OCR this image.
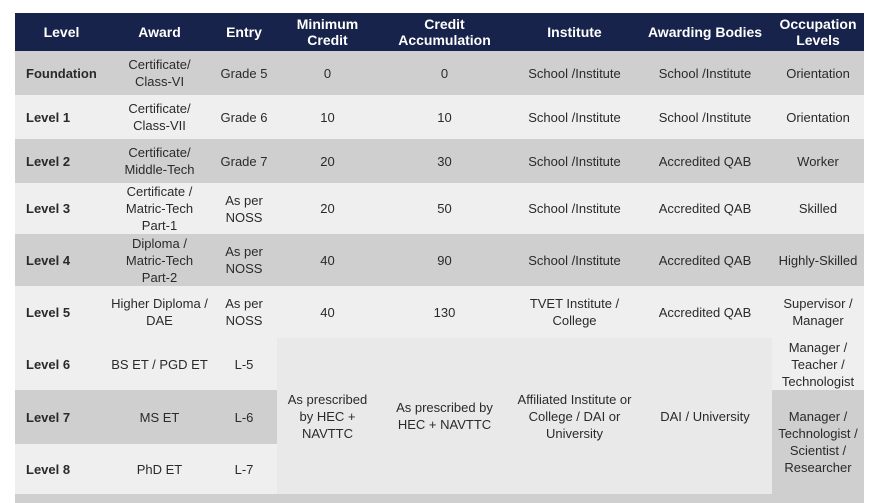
Level	Award	Entry	Minimum Credit	Credit Accumulation	Institute	Awarding Bodies	Occupation Levels
Foundation	Certificate/ Class-VI	Grade 5	0	0	School /Institute	School /Institute	Orientation
Level 1	Certificate/ Class-VII	Grade 6	10	10	School /Institute	School /Institute	Orientation
Level 2	Certificate/ Middle-Tech	Grade 7	20	30	School /Institute	Accredited QAB	Worker
Level 3	Certificate / Matric-Tech Part-1	As per NOSS	20	50	School /Institute	Accredited QAB	Skilled
Level 4	Diploma / Matric-Tech Part-2	As per NOSS	40	90	School /Institute	Accredited QAB	Highly-Skilled
Level 5	Higher Diploma / DAE	As per NOSS	40	130	TVET Institute / College	Accredited QAB	Supervisor / Manager
Level 6	BS ET / PGD ET	L-5	As prescribed by HEC + NAVTTC	As prescribed by HEC + NAVTTC	Affiliated Institute or College / DAI or University	DAI / University	Manager / Teacher / Technologist
Level 7	MS ET	L-6					Manager / Technologist / Scientist / Researcher
Level 8	PhD ET	L-7					
